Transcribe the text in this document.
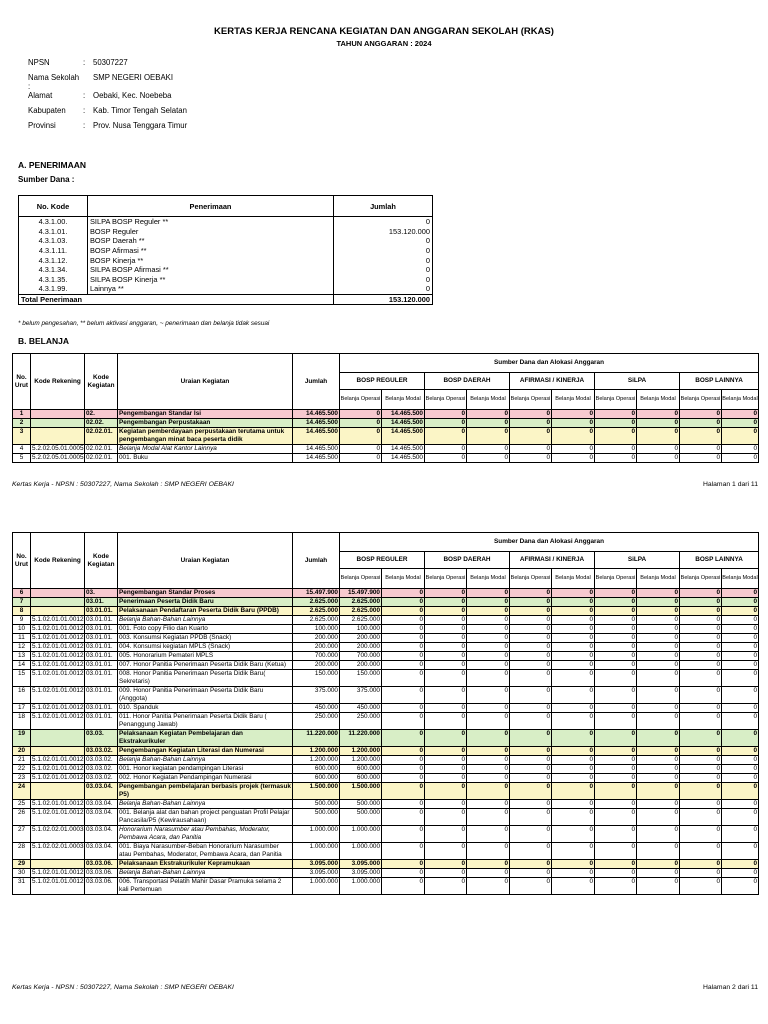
KERTAS KERJA RENCANA KEGIATAN DAN ANGGARAN SEKOLAH (RKAS)
TAHUN ANGGARAN : 2024
NPSN	:	50307227
Nama Sekolah :		SMP NEGERI OEBAKI
Alamat	:	Oebaki, Kec. Noebeba
Kabupaten	:	Kab. Timor Tengah Selatan
Provinsi	:	Prov. Nusa Tenggara Timur
A. PENERIMAAN
Sumber Dana :
No. Kode	Penerimaan	Jumlah
4.3.1.00.	SILPA BOSP Reguler **	0
4.3.1.01.	BOSP Reguler	153.120.000
4.3.1.03.	BOSP Daerah **	0
4.3.1.11.	BOSP Afirmasi **	0
4.3.1.12.	BOSP Kinerja **	0
4.3.1.34.	SILPA BOSP Afirmasi **	0
4.3.1.35.	SILPA BOSP Kinerja **	0
4.3.1.99.	Lainnya **	0
Total Penerimaan		153.120.000
* belum pengesahan, ** belum aktivasi anggaran, ~ penerimaan dan belanja tidak sesuai
B. BELANJA
No. Urut	Kode Rekening	Kode Kegiatan	Uraian Kegiatan	Jumlah	Sumber Dana dan Alokasi Anggaran									
					BOSP REGULER		BOSP DAERAH		AFIRMASI / KINERJA		SiLPA		BOSP LAINNYA	
					Belanja Operasi	Belanja Modal	Belanja Operasi	Belanja Modal	Belanja Operasi	Belanja Modal	Belanja Operasi	Belanja Modal	Belanja Operasi	Belanja Modal
1		02.	Pengembangan Standar Isi	14.465.500	0	14.465.500	0	0	0	0	0	0	0	0
2		02.02.	Pengembangan Perpustakaan	14.465.500	0	14.465.500	0	0	0	0	0	0	0	0
3		02.02.01.	Kegiatan pemberdayaan perpustakaan terutama untuk pengembangan minat baca peserta didik	14.465.500	0	14.465.500	0	0	0	0	0	0	0	0
4	5.2.02.05.01.0005	02.02.01.	Belanja Modal Alat Kantor Lainnya	14.465.500	0	14.465.500	0	0	0	0	0	0	0	0
5	5.2.02.05.01.0005	02.02.01.	001. Buku	14.465.500	0	14.465.500	0	0	0	0	0	0	0	0
Kertas Kerja - NPSN : 50307227, Nama Sekolah : SMP NEGERI OEBAKI	Halaman 1 dari 11
No. Urut	Kode Rekening	Kode Kegiatan	Uraian Kegiatan	Jumlah	Sumber Dana dan Alokasi Anggaran									
					BOSP REGULER		BOSP DAERAH		AFIRMASI / KINERJA		SiLPA		BOSP LAINNYA	
					Belanja Operasi	Belanja Modal	Belanja Operasi	Belanja Modal	Belanja Operasi	Belanja Modal	Belanja Operasi	Belanja Modal	Belanja Operasi	Belanja Modal
6		03.	Pengembangan Standar Proses	15.497.900	15.497.900	0	0	0	0	0	0	0	0	0
7		03.01.	Penerimaan Peserta Didik Baru	2.625.000	2.625.000	0	0	0	0	0	0	0	0	0
8		03.01.01.	Pelaksanaan Pendaftaran Peserta Didik Baru (PPDB)	2.625.000	2.625.000	0	0	0	0	0	0	0	0	0
9	5.1.02.01.01.0012	03.01.01.	Belanja Bahan-Bahan Lainnya	2.625.000	2.625.000	0	0	0	0	0	0	0	0	0
10	5.1.02.01.01.0012	03.01.01.	001. Foto copy Filio dan Kuarto	100.000	100.000	0	0	0	0	0	0	0	0	0
11	5.1.02.01.01.0012	03.01.01.	003. Konsumsi Kegiatan PPDB (Snack)	200.000	200.000	0	0	0	0	0	0	0	0	0
12	5.1.02.01.01.0012	03.01.01.	004. Konsumsi kegiatan MPLS (Snack)	200.000	200.000	0	0	0	0	0	0	0	0	0
13	5.1.02.01.01.0012	03.01.01.	005. Honorarium Pemateri MPLS	700.000	700.000	0	0	0	0	0	0	0	0	0
14	5.1.02.01.01.0012	03.01.01.	007. Honor Panitia Penerimaan Peserta Didik Baru (Ketua)	200.000	200.000	0	0	0	0	0	0	0	0	0
15	5.1.02.01.01.0012	03.01.01.	008. Honor Panitia Penerimaan Peserta Didik Baru( Sekretaris)	150.000	150.000	0	0	0	0	0	0	0	0	0
16	5.1.02.01.01.0012	03.01.01.	009. Honor Panitia Penerimaan Peserta Didik Baru (Anggota)	375.000	375.000	0	0	0	0	0	0	0	0	0
17	5.1.02.01.01.0012	03.01.01.	010. Spanduk	450.000	450.000	0	0	0	0	0	0	0	0	0
18	5.1.02.01.01.0012	03.01.01.	011. Honor Panitia Penerimaan Peserta Didik Baru ( Penanggung Jawab)	250.000	250.000	0	0	0	0	0	0	0	0	0
19		03.03.	Pelaksanaan Kegiatan Pembelajaran dan Ekstrakurikuler	11.220.000	11.220.000	0	0	0	0	0	0	0	0	0
20		03.03.02.	Pengembangan Kegiatan Literasi dan Numerasi	1.200.000	1.200.000	0	0	0	0	0	0	0	0	0
21	5.1.02.01.01.0012	03.03.02.	Belanja Bahan-Bahan Lainnya	1.200.000	1.200.000	0	0	0	0	0	0	0	0	0
22	5.1.02.01.01.0012	03.03.02.	001. Honor kegiatan pendampingan Literasi	600.000	600.000	0	0	0	0	0	0	0	0	0
23	5.1.02.01.01.0012	03.03.02.	002. Honor Kegiatan Pendampingan Numerasi	600.000	600.000	0	0	0	0	0	0	0	0	0
24		03.03.04.	Pengembangan pembelajaran berbasis projek (termasuk P5)	1.500.000	1.500.000	0	0	0	0	0	0	0	0	0
25	5.1.02.01.01.0012	03.03.04.	Belanja Bahan-Bahan Lainnya	500.000	500.000	0	0	0	0	0	0	0	0	0
26	5.1.02.01.01.0012	03.03.04.	001. Belanja alat dan bahan project penguatan Profil Pelajar Pancasila/P5 (Kewirausahaan)	500.000	500.000	0	0	0	0	0	0	0	0	0
27	5.1.02.02.01.0003	03.03.04.	Honorarium Narasumber atau Pembahas, Moderator, Pembawa Acara, dan Panitia	1.000.000	1.000.000	0	0	0	0	0	0	0	0	0
28	5.1.02.02.01.0003	03.03.04.	001. Biaya Narasumber-Beban Honorarium Narasumber atau Pembahas, Moderator, Pembawa Acara, dan Panitia	1.000.000	1.000.000	0	0	0	0	0	0	0	0	0
29		03.03.06.	Pelaksanaan Ekstrakurikuler Kepramukaan	3.095.000	3.095.000	0	0	0	0	0	0	0	0	0
30	5.1.02.01.01.0012	03.03.06.	Belanja Bahan-Bahan Lainnya	3.095.000	3.095.000	0	0	0	0	0	0	0	0	0
31	5.1.02.01.01.0012	03.03.06.	006. Transportasi Pelatih Mahir Dasar Pramuka selama 2 kali Pertemuan	1.000.000	1.000.000	0	0	0	0	0	0	0	0	0
Kertas Kerja - NPSN : 50307227, Nama Sekolah : SMP NEGERI OEBAKI	Halaman 2 dari 11
